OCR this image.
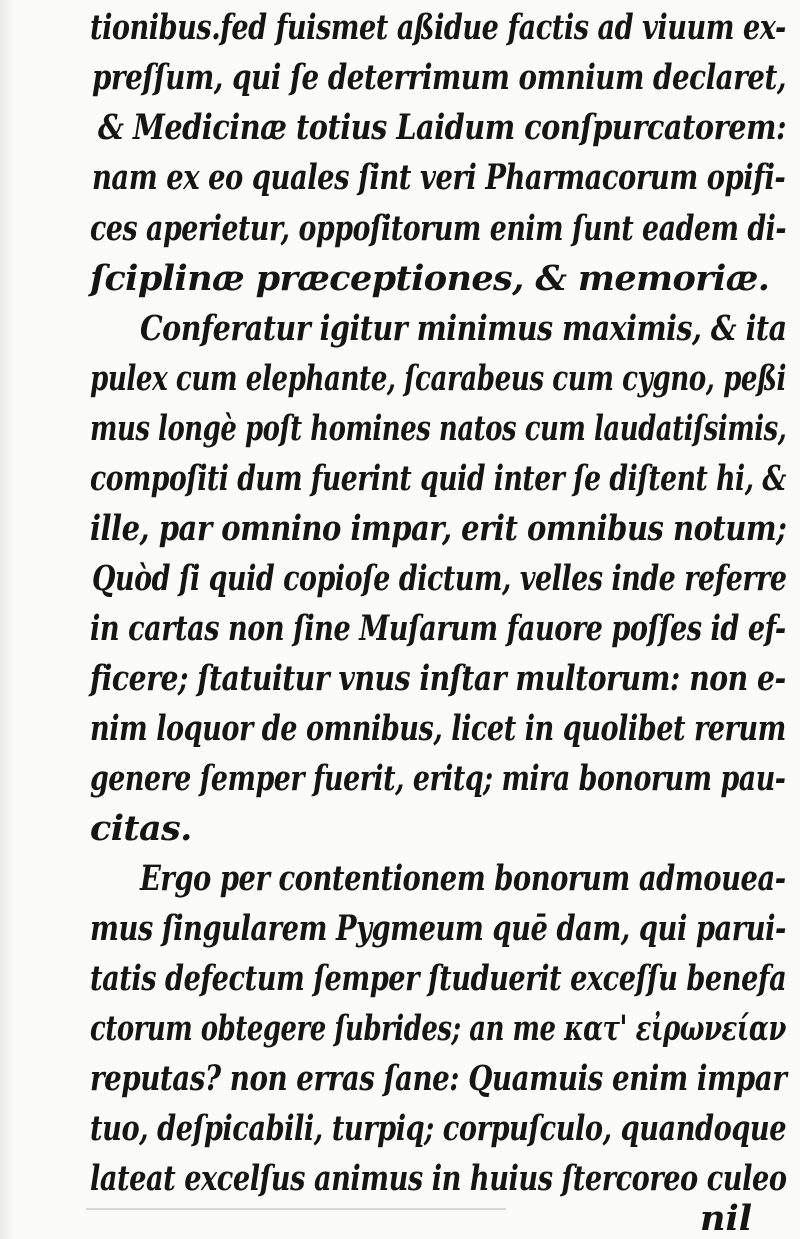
tionibus.fed fuismet aßidue factis ad viuum ex-
preſſum, qui ſe deterrimum omnium declaret,
& Medicinæ totius Laidum conſpurcatorem:
nam ex eo quales ſint veri Pharmacorum opifi-
ces aperietur, oppoſitorum enim ſunt eadem di-
ſciplinæ præceptiones, & memoriæ.
Conferatur igitur minimus maximis, & ita
pulex cum elephante, ſcarabeus cum cygno, peßi
mus longè poſt homines natos cum laudatiſsimis,
compoſiti dum fuerint quid inter ſe diſtent hi, &
ille, par omnino impar, erit omnibus notum;
Quòd ſi quid copioſe dictum, velles inde referre
in cartas non ſine Muſarum fauore poſſes id ef-
ficere; ſtatuitur vnus inſtar multorum: non e-
nim loquor de omnibus, licet in quolibet rerum
genere ſemper fuerit, eritq; mira bonorum pau-
citas.
Ergo per contentionem bonorum admouea-
mus ſingularem Pygmeum quē dam, qui parui-
tatis defectum ſemper ſtuduerit exceſſu benefa
ctorum obtegere ſubrides; an me κατ' εἰρωνείαν
reputas? non erras ſane: Quamuis enim impar
tuo, deſpicabili, turpiq; corpuſculo, quandoque
lateat excelſus animus in huius ſtercoreo culeo
nil
